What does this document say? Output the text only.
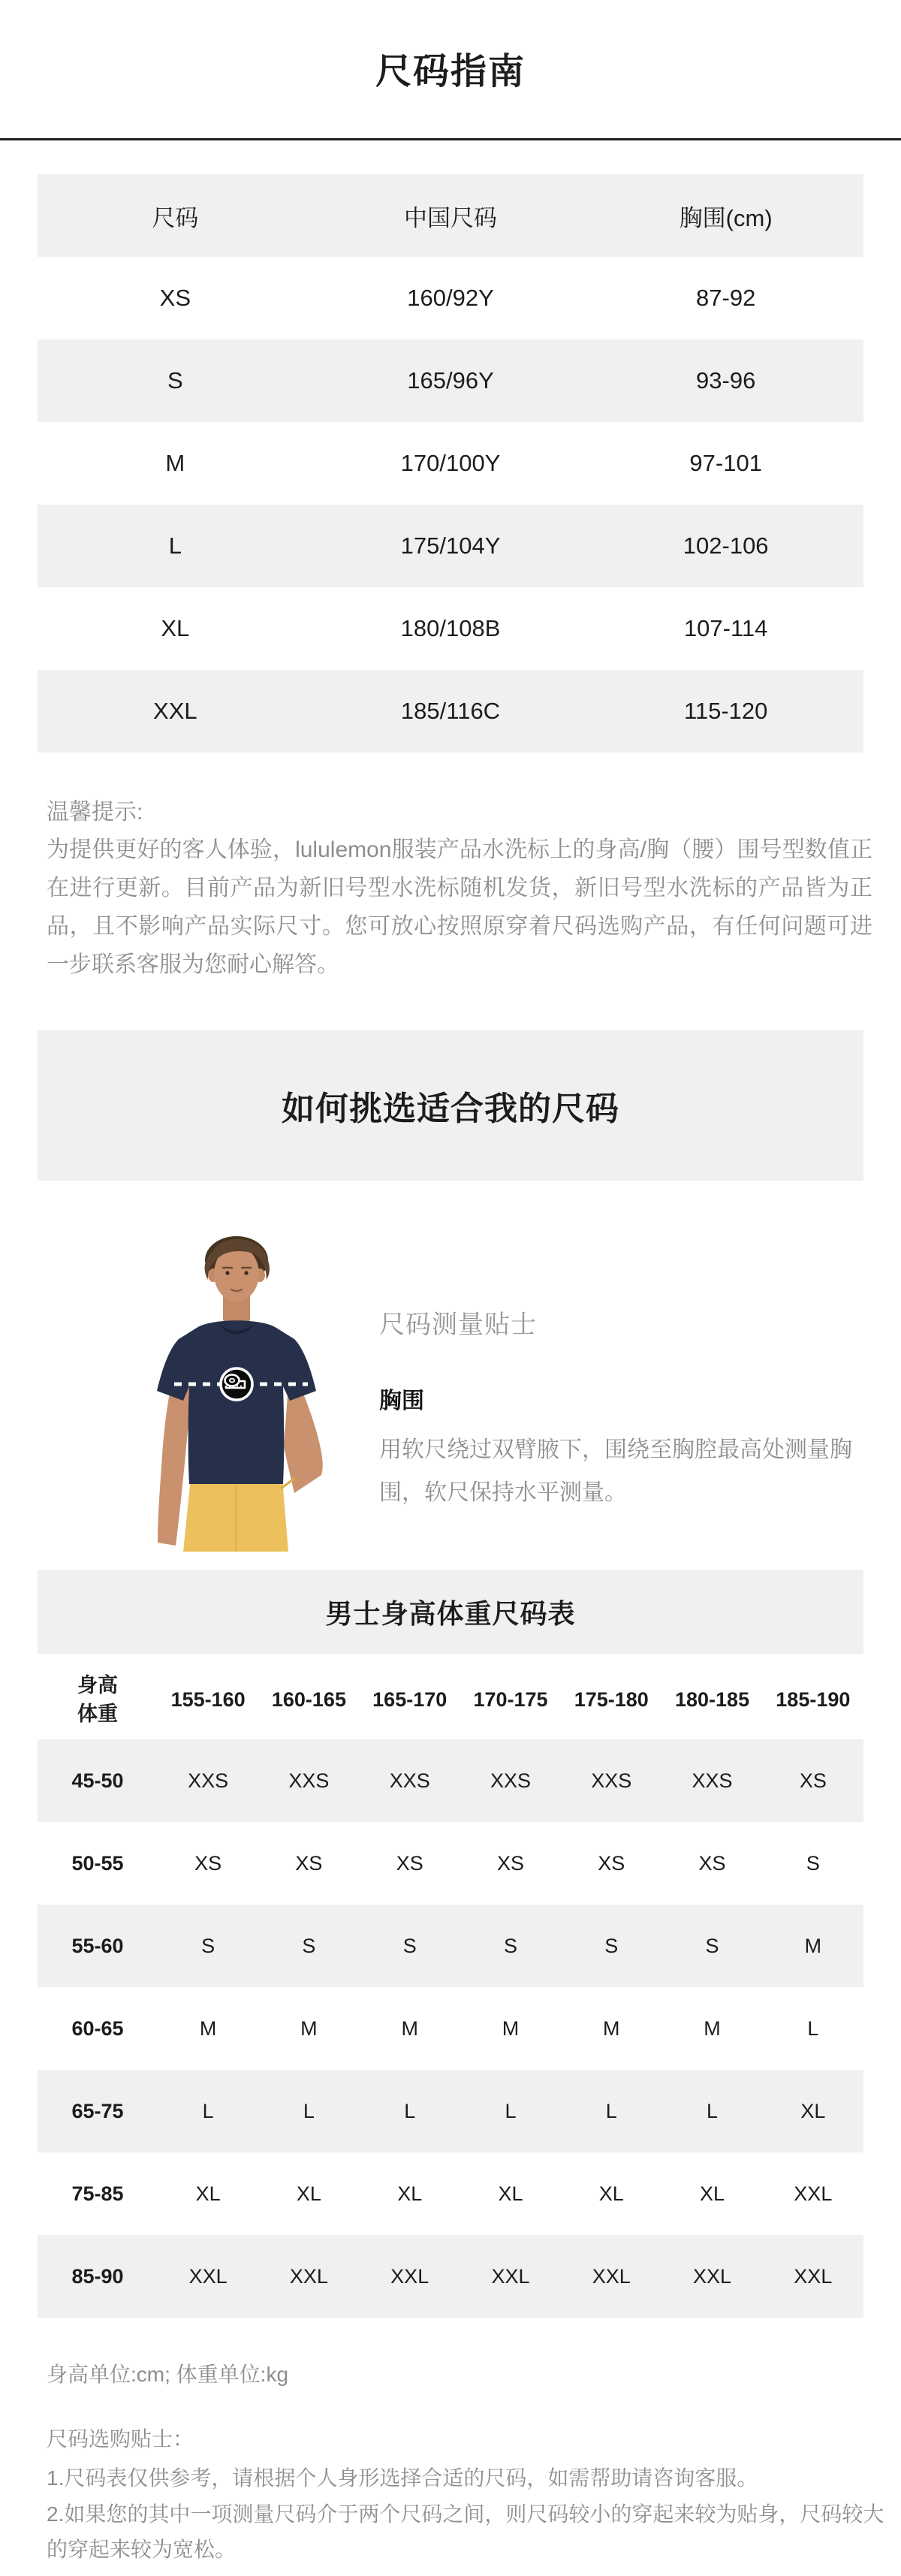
尺码指南
尺码	中国尺码	胸围(cm)
XS	160/92Y	87-92
S	165/96Y	93-96
M	170/100Y	97-101
L	175/104Y	102-106
XL	180/108B	107-114
XXL	185/116C	115-120
温馨提示:
为提供更好的客人体验，lululemon服装产品水洗标上的身高/胸（腰）围号型数值正在进行更新。目前产品为新旧号型水洗标随机发货，新旧号型水洗标的产品皆为正品，且不影响产品实际尺寸。您可放心按照原穿着尺码选购产品，有任何问题可进一步联系客服为您耐心解答。
如何挑选适合我的尺码
尺码测量贴士
胸围
用软尺绕过双臂腋下，围绕至胸腔最高处测量胸围，软尺保持水平测量。
男士身高体重尺码表
身高
体重
155-160	160-165	165-170	170-175	175-180	180-185	185-190
45-50	XXS	XXS	XXS	XXS	XXS	XXS	XS
50-55	XS	XS	XS	XS	XS	XS	S
55-60	S	S	S	S	S	S	M
60-65	M	M	M	M	M	M	L
65-75	L	L	L	L	L	L	XL
75-85	XL	XL	XL	XL	XL	XL	XXL
85-90	XXL	XXL	XXL	XXL	XXL	XXL	XXL
身高单位:cm; 体重单位:kg
尺码选购贴士：
1.尺码表仅供参考，请根据个人身形选择合适的尺码，如需帮助请咨询客服。
2.如果您的其中一项测量尺码介于两个尺码之间，则尺码较小的穿起来较为贴身，尺码较大的穿起来较为宽松。
